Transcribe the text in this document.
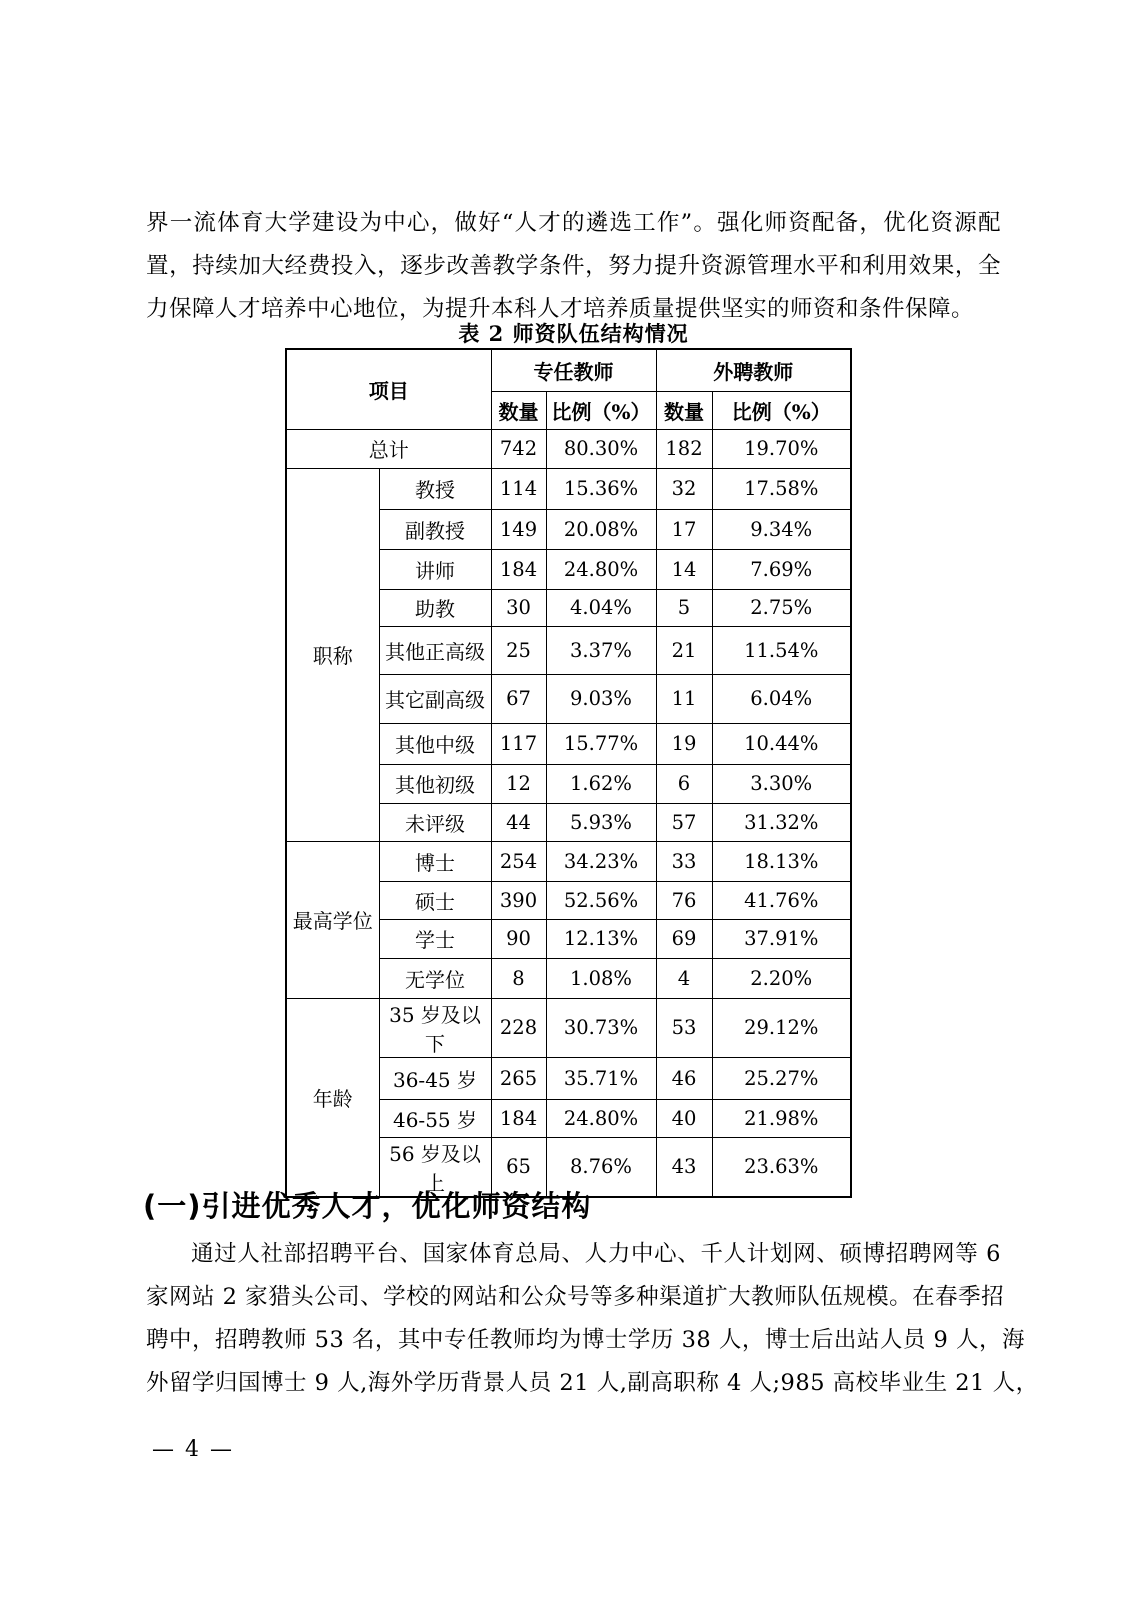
界一流体育大学建设为中心，做好“人才的遴选工作”。强化师资配备，优化资源配
置，持续加大经费投入，逐步改善教学条件，努力提升资源管理水平和利用效果，全
力保障人才培养中心地位，为提升本科人才培养质量提供坚实的师资和条件保障。
表 2 师资队伍结构情况
项目		专任教师		外聘教师	
		数量	比例（%）	数量	比例（%）
总计		742	80.30%	182	19.70%
职称	教授	114	15.36%	32	17.58%
	副教授	149	20.08%	17	9.34%
	讲师	184	24.80%	14	7.69%
	助教	30	4.04%	5	2.75%
	其他正高级	25	3.37%	21	11.54%
	其它副高级	67	9.03%	11	6.04%
	其他中级	117	15.77%	19	10.44%
	其他初级	12	1.62%	6	3.30%
	未评级	44	5.93%	57	31.32%
最高学位	博士	254	34.23%	33	18.13%
	硕士	390	52.56%	76	41.76%
	学士	90	12.13%	69	37.91%
	无学位	8	1.08%	4	2.20%
年龄	35 岁及以下	228	30.73%	53	29.12%
	36-45 岁	265	35.71%	46	25.27%
	46-55 岁	184	24.80%	40	21.98%
	56 岁及以上	65	8.76%	43	23.63%
(一)引进优秀人才，优化师资结构
通过人社部招聘平台、国家体育总局、人力中心、千人计划网、硕博招聘网等 6
家网站 2 家猎头公司、学校的网站和公众号等多种渠道扩大教师队伍规模。在春季招
聘中，招聘教师 53 名，其中专任教师均为博士学历 38 人，博士后出站人员 9 人，海
外留学归国博士 9 人,海外学历背景人员 21 人,副高职称 4 人;985 高校毕业生 21 人，
— 4 —
